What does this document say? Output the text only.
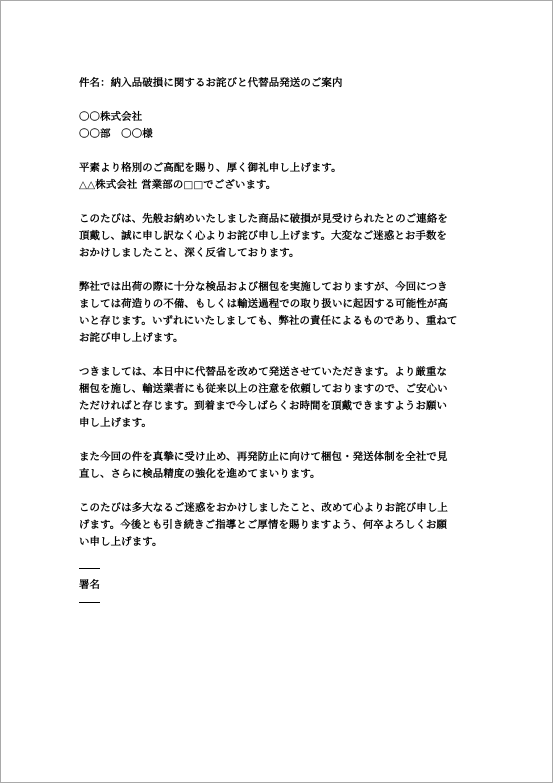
件名：納入品破損に関するお詫びと代替品発送のご案内
〇〇株式会社
〇〇部　〇〇様
平素より格別のご高配を賜り、厚く御礼申し上げます。
△△株式会社 営業部の□□でございます。
このたびは、先般お納めいたしました商品に破損が見受けられたとのご連絡を
頂戴し、誠に申し訳なく心よりお詫び申し上げます。大変なご迷惑とお手数を
おかけしましたこと、深く反省しております。
弊社では出荷の際に十分な検品および梱包を実施しておりますが、今回につき
ましては荷造りの不備、もしくは輸送過程での取り扱いに起因する可能性が高
いと存じます。いずれにいたしましても、弊社の責任によるものであり、重ねて
お詫び申し上げます。
つきましては、本日中に代替品を改めて発送させていただきます。より厳重な
梱包を施し、輸送業者にも従来以上の注意を依頼しておりますので、ご安心い
ただければと存じます。到着まで今しばらくお時間を頂戴できますようお願い
申し上げます。
また今回の件を真摯に受け止め、再発防止に向けて梱包・発送体制を全社で見
直し、さらに検品精度の強化を進めてまいります。
このたびは多大なるご迷惑をおかけしましたこと、改めて心よりお詫び申し上
げます。今後とも引き続きご指導とご厚情を賜りますよう、何卒よろしくお願
い申し上げます。
署名
